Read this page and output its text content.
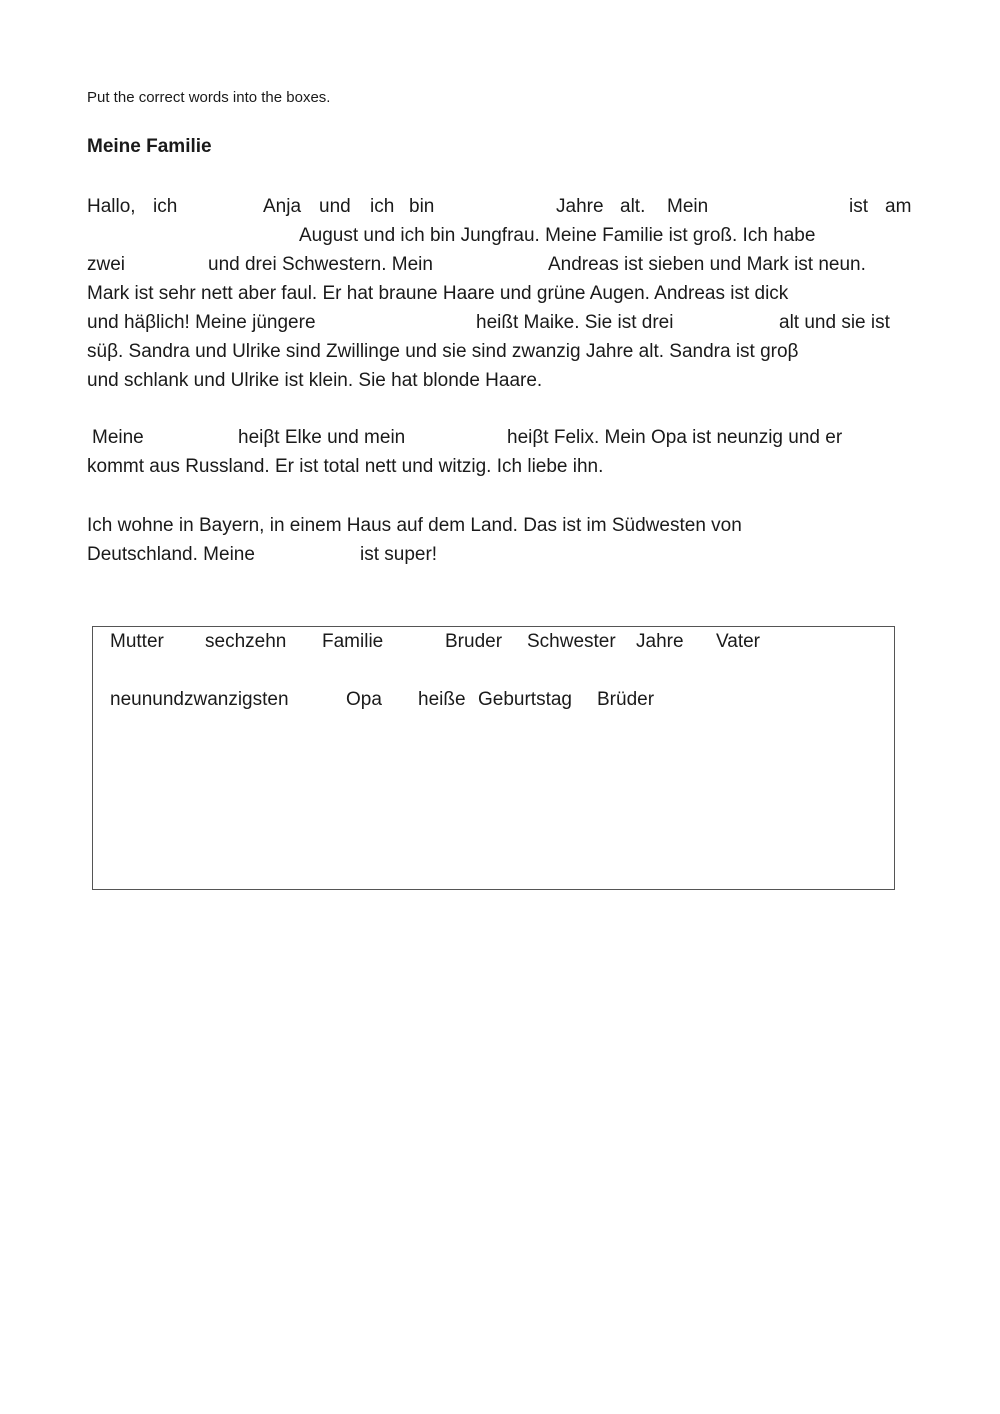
Put the correct words into the boxes.
Meine Familie
Hallo, ich	Anja und ich bin	Jahre alt. Mein	ist am
August und ich bin Jungfrau. Meine Familie ist groß. Ich habe
zwei	und drei Schwestern. Mein	Andreas ist sieben und Mark ist neun.
Mark ist sehr nett aber faul. Er hat braune Haare und grüne Augen. Andreas ist dick
und häβlich! Meine jüngere	heißt Maike. Sie ist drei	alt und sie ist
süβ. Sandra und Ulrike sind Zwillinge und sie sind zwanzig Jahre alt. Sandra ist groβ
und schlank und Ulrike ist klein. Sie hat blonde Haare.
Meine	heiβt Elke und mein	heiβt Felix. Mein Opa ist neunzig und er
kommt aus Russland. Er ist total nett und witzig. Ich liebe ihn.
Ich wohne in Bayern, in einem Haus auf dem Land. Das ist im Südwesten von
Deutschland. Meine	ist super!
Mutter sechzehn Familie	Bruder Schwester Jahre Vater
neunundzwanzigsten	Opa heiße Geburtstag Brüder
